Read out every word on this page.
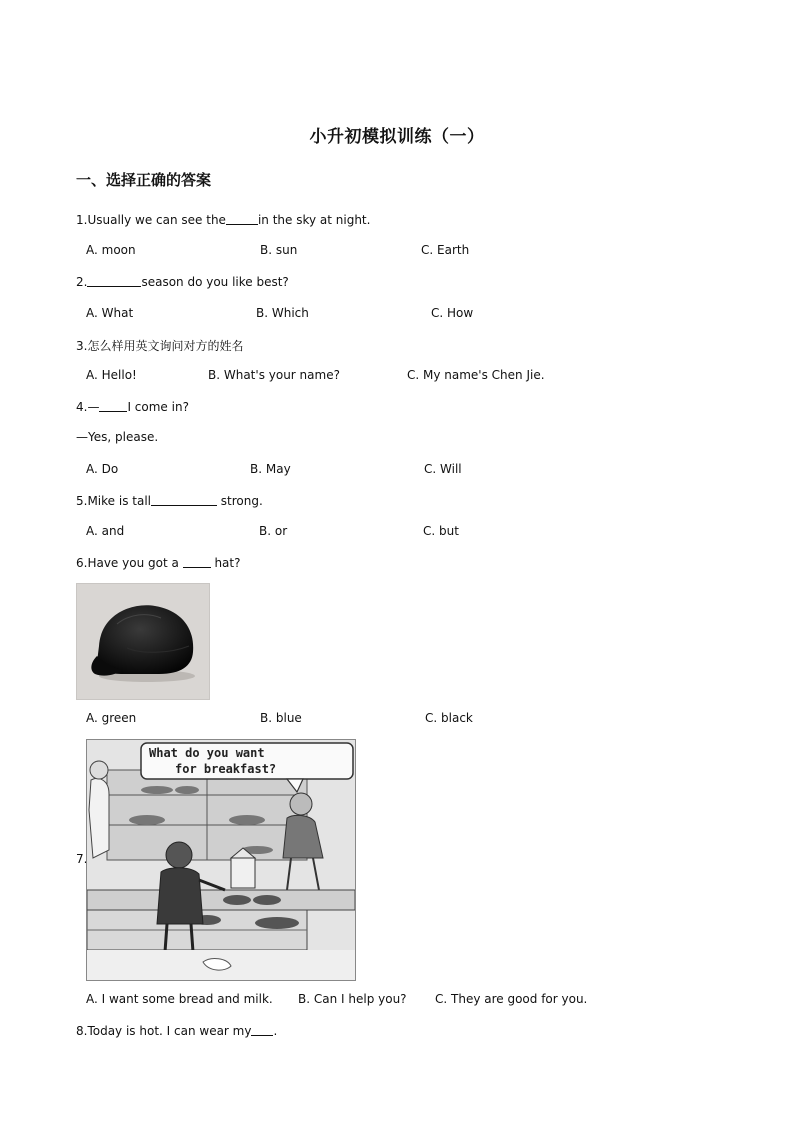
小升初模拟训练（一）
一、选择正确的答案
1.Usually we can see the	in the sky at night.
A. moon	B. sun	C. Earth
2.	season do you like best?
A. What	B. Which	C. How
3.怎么样用英文询问对方的姓名
A. Hello!	B. What's your name?	C. My name's Chen Jie.
4.— I come in?
—Yes, please.
A. Do	B. May	C. Will
5.Mike is tall	strong.
A. and	B. or	C. but
6.Have you got a  hat?
A. green	B. blue	C. black
7.
What do you want
for breakfast?
A. I want some bread and milk. B. Can I help you? C. They are good for you.
8.Today is hot. I can wear my .
